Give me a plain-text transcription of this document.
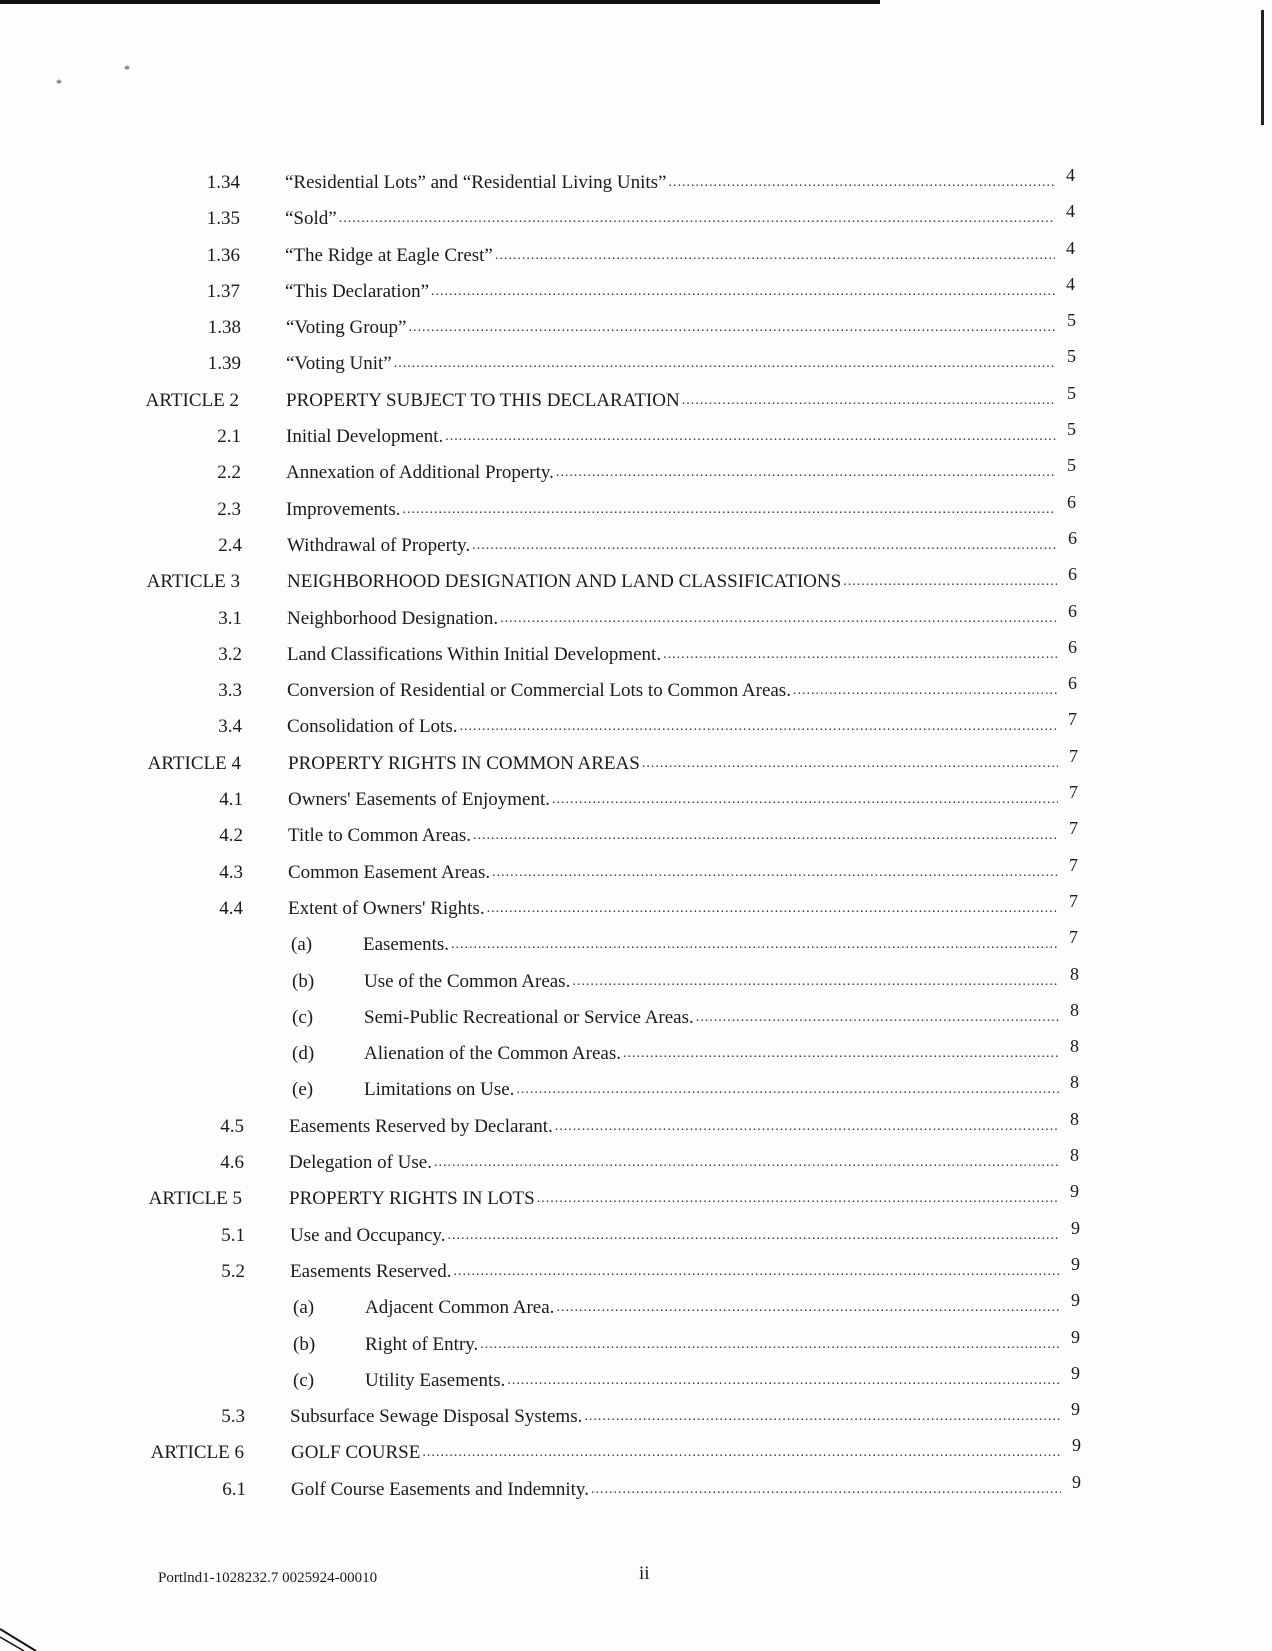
*
*
1.34 “Residential Lots” and “Residential Living Units” .....	4
1.35 “Sold” .....	4
1.36 “The Ridge at Eagle Crest” .....	4
1.37 “This Declaration” .....	4
1.38 “Voting Group” .....	5
1.39 “Voting Unit” .....	5
ARTICLE 2 PROPERTY SUBJECT TO THIS DECLARATION .....	5
2.1 Initial Development. .....	5
2.2 Annexation of Additional Property. .....	5
2.3 Improvements. .....	6
2.4 Withdrawal of Property. .....	6
ARTICLE 3 NEIGHBORHOOD DESIGNATION AND LAND CLASSIFICATIONS .....	6
3.1 Neighborhood Designation. .....	6
3.2 Land Classifications Within Initial Development. .....	6
3.3 Conversion of Residential or Commercial Lots to Common Areas. .....	6
3.4 Consolidation of Lots. .....	7
ARTICLE 4 PROPERTY RIGHTS IN COMMON AREAS .....	7
4.1 Owners' Easements of Enjoyment. .....	7
4.2 Title to Common Areas. .....	7
4.3 Common Easement Areas. .....	7
4.4 Extent of Owners' Rights. .....	7
(a)	Easements. .....	7
(b)	Use of the Common Areas. .....	8
(c)	Semi-Public Recreational or Service Areas. .....	8
(d)	Alienation of the Common Areas. .....	8
(e)	Limitations on Use. .....	8
4.5 Easements Reserved by Declarant. .....	8
4.6 Delegation of Use. .....	8
ARTICLE 5 PROPERTY RIGHTS IN LOTS .....	9
5.1 Use and Occupancy. .....	9
5.2 Easements Reserved. .....	9
(a)	Adjacent Common Area. .....	9
(b)	Right of Entry. .....	9
(c)	Utility Easements. .....	9
5.3 Subsurface Sewage Disposal Systems. .....	9
ARTICLE 6 GOLF COURSE .....	9
6.1 Golf Course Easements and Indemnity. .....	9
Portlnd1-1028232.7 0025924-00010	ii
